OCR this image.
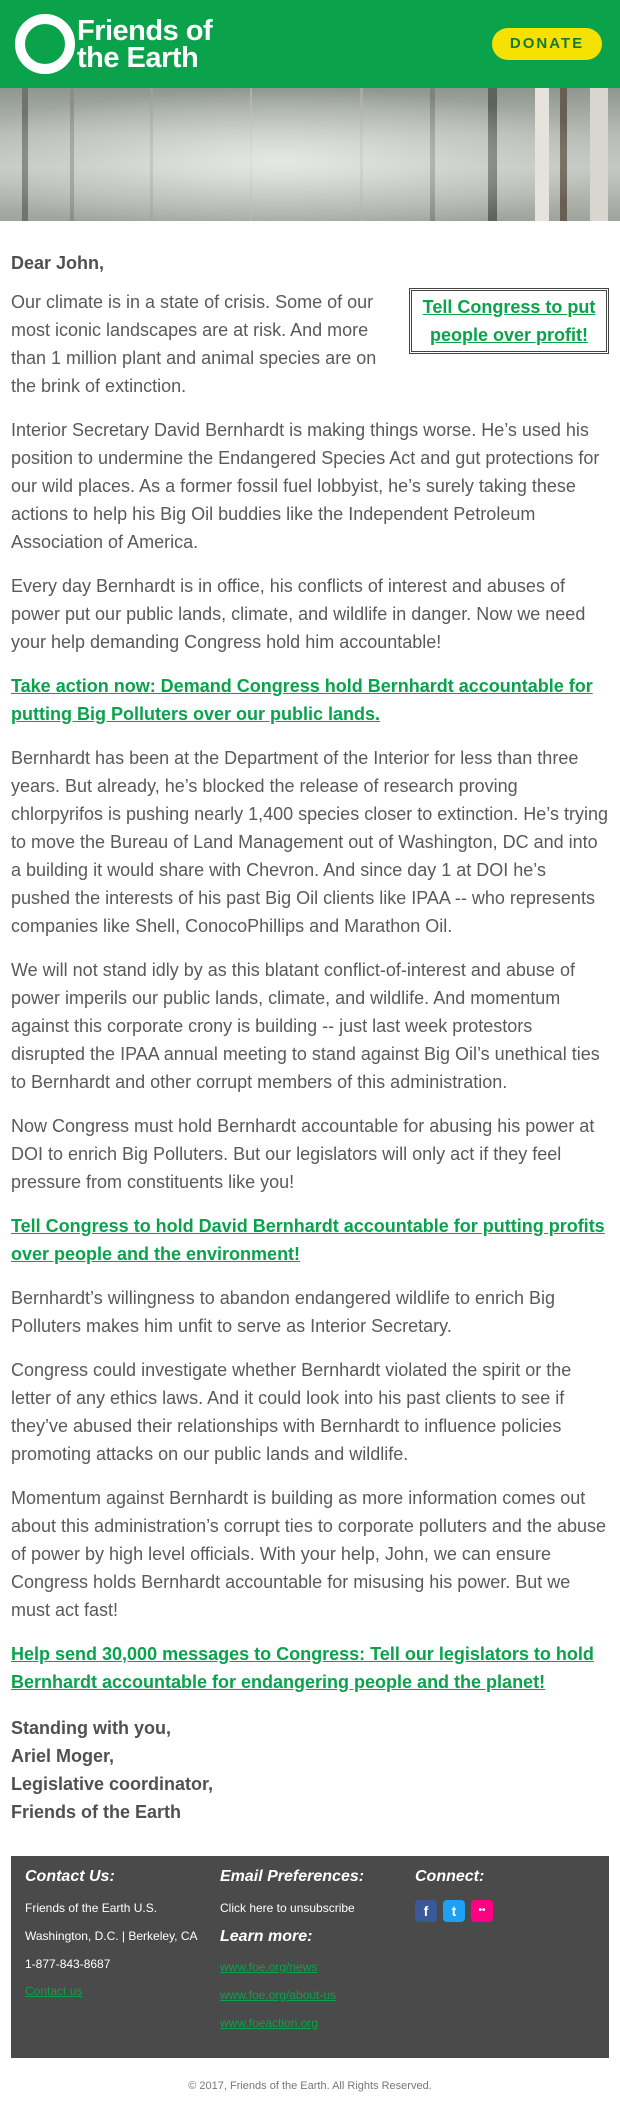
Friends of
the Earth	DONATE
Dear John,

Tell Congress to put people over profit!
Our climate is in a state of crisis. Some of our most iconic landscapes are at risk. And more than 1 million plant and animal species are on the brink of extinction.

Interior Secretary David Bernhardt is making things worse. He’s used his position to undermine the Endangered Species Act and gut protections for our wild places. As a former fossil fuel lobbyist, he’s surely taking these actions to help his Big Oil buddies like the Independent Petroleum Association of America.

Every day Bernhardt is in office, his conflicts of interest and abuses of power put our public lands, climate, and wildlife in danger. Now we need your help demanding Congress hold him accountable!

Take action now: Demand Congress hold Bernhardt accountable for putting Big Polluters over our public lands.

Bernhardt has been at the Department of the Interior for less than three years. But already, he’s blocked the release of research proving chlorpyrifos is pushing nearly 1,400 species closer to extinction. He’s trying to move the Bureau of Land Management out of Washington, DC and into a building it would share with Chevron. And since day 1 at DOI he’s pushed the interests of his past Big Oil clients like IPAA -- who represents companies like Shell, ConocoPhillips and Marathon Oil.

We will not stand idly by as this blatant conflict-of-interest and abuse of power imperils our public lands, climate, and wildlife. And momentum against this corporate crony is building -- just last week protestors disrupted the IPAA annual meeting to stand against Big Oil’s unethical ties to Bernhardt and other corrupt members of this administration.

Now Congress must hold Bernhardt accountable for abusing his power at DOI to enrich Big Polluters. But our legislators will only act if they feel pressure from constituents like you!

Tell Congress to hold David Bernhardt accountable for putting profits over people and the environment!

Bernhardt’s willingness to abandon endangered wildlife to enrich Big Polluters makes him unfit to serve as Interior Secretary.

Congress could investigate whether Bernhardt violated the spirit or the letter of any ethics laws. And it could look into his past clients to see if they’ve abused their relationships with Bernhardt to influence policies promoting attacks on our public lands and wildlife.

Momentum against Bernhardt is building as more information comes out about this administration’s corrupt ties to corporate polluters and the abuse of power by high level officials. With your help, John, we can ensure Congress holds Bernhardt accountable for misusing his power. But we must act fast!

Help send 30,000 messages to Congress: Tell our legislators to hold Bernhardt accountable for endangering people and the planet!
Standing with you,
Ariel Moger,
Legislative coordinator,
Friends of the Earth
Contact Us:
Friends of the Earth U.S.
Washington, D.C. | Berkeley, CA
1-877-843-8687
Contact us
Email Preferences:
Click here to unsubscribe
Learn more:
www.foe.org/news
www.foe.org/about-us
www.foeaction.org
Connect:
f	t	••
© 2017, Friends of the Earth. All Rights Reserved.
